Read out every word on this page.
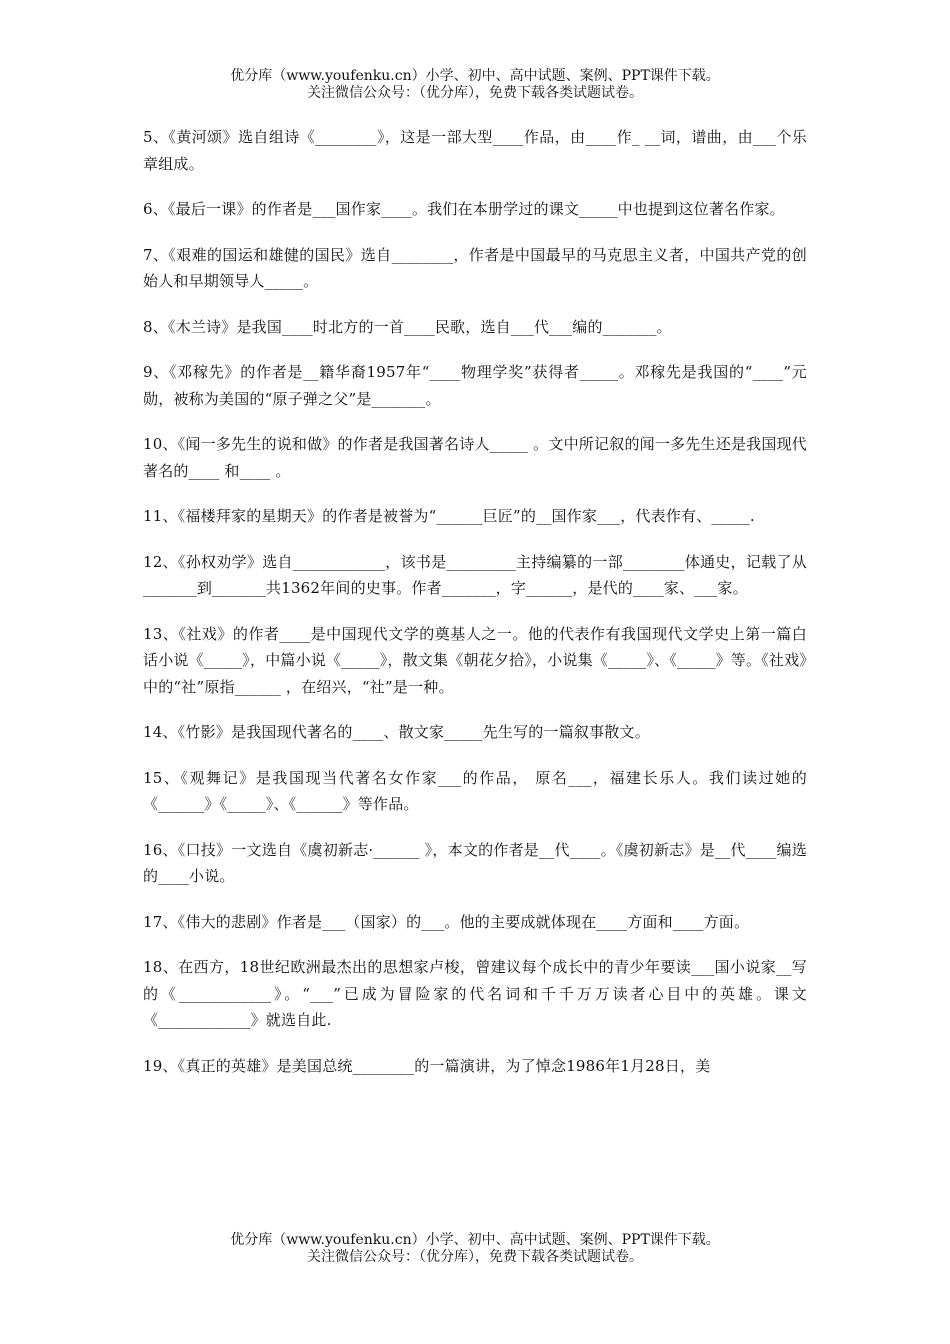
优分库（www.youfenku.cn）小学、初中、高中试题、案例、PPT课件下载。
关注微信公众号：（优分库），免费下载各类试题试卷。

5、《黄河颂》选自组诗《________》，这是一部大型____作品，由____作_ __词，谱曲，由___个乐章组成。

6、《最后一课》的作者是___国作家____。我们在本册学过的课文_____中也提到这位著名作家。

7、《艰难的国运和雄健的国民》选自________，作者是中国最早的马克思主义者，中国共产党的创始人和早期领导人_____。

8、《木兰诗》是我国____时北方的一首____民歌，选自___代___编的_______。

9、《邓稼先》的作者是__籍华裔1957年“____物理学奖”获得者_____。邓稼先是我国的“____”元勋，被称为美国的“原子弹之父”是_______。

10、《闻一多先生的说和做》的作者是我国著名诗人_____ 。文中所记叙的闻一多先生还是我国现代著名的____ 和____ 。

11、《福楼拜家的星期天》的作者是被誉为“______巨匠”的__国作家___，代表作有、_____.

12、《孙权劝学》选自____________，该书是_________主持编纂的一部________体通史，记载了从_______到_______共1362年间的史事。作者_______，字______，是代的____家、___家。

13、《社戏》的作者____是中国现代文学的奠基人之一。他的代表作有我国现代文学史上第一篇白话小说《_____》，中篇小说《_____》，散文集《朝花夕拾》，小说集《_____》、《_____》等。《社戏》中的“社”原指______ ，在绍兴，“社”是一种。

14、《竹影》是我国现代著名的____、散文家_____先生写的一篇叙事散文。

15、《观舞记》是我国现当代著名女作家___的作品， 原名___，福建长乐人。我们读过她的《______》《_____》、《______》等作品。

16、《口技》一文选自《虞初新志·______ 》，本文的作者是__代____。《虞初新志》是__代____编选的____小说。

17、《伟大的悲剧》作者是___（国家）的___。他的主要成就体现在____方面和____方面。

18、在西方，18世纪欧洲最杰出的思想家卢梭，曾建议每个成长中的青少年要读___国小说家__写的《____________》。“___”已成为冒险家的代名词和千千万万读者心目中的英雄。课文《____________》就选自此.

19、《真正的英雄》是美国总统________的一篇演讲，为了悼念1986年1月28日，美

优分库（www.youfenku.cn）小学、初中、高中试题、案例、PPT课件下载。
关注微信公众号：（优分库），免费下载各类试题试卷。
